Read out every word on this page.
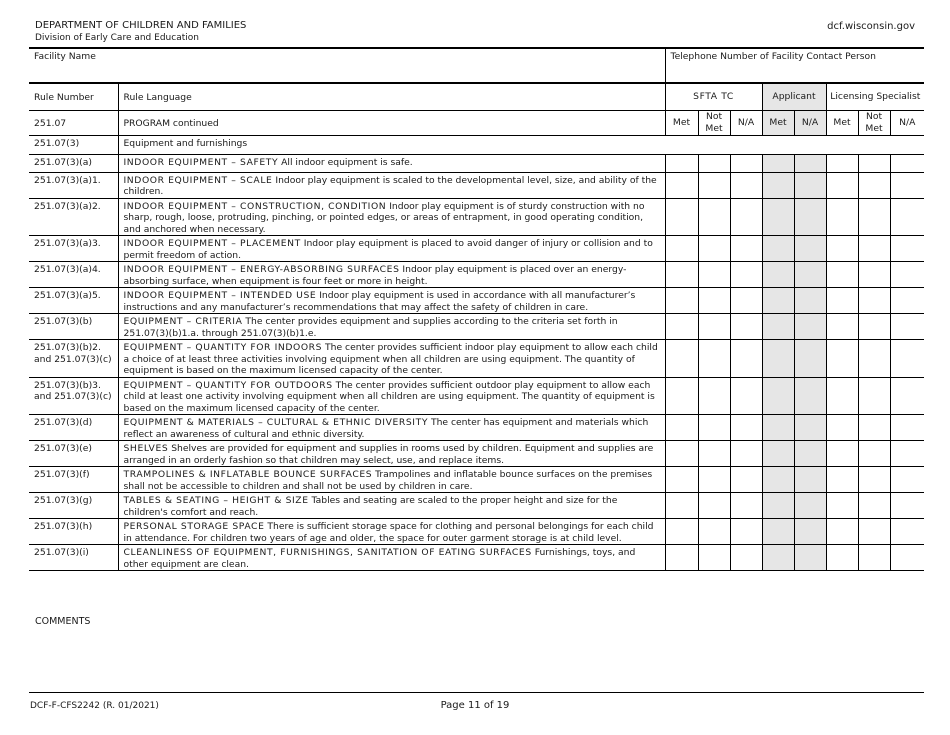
DEPARTMENT OF CHILDREN AND FAMILIES
Division of Early Care and Education
dcf.wisconsin.gov
Facility Name		Telephone Number of Facility Contact Person							
Rule Number	Rule Language	SFTA TC			Applicant		Licensing Specialist		
251.07	PROGRAM continued	Met	Not Met	N/A	Met	N/A	Met	Not Met	N/A
251.07(3)	Equipment and furnishings								
251.07(3)(a)	INDOOR EQUIPMENT – SAFETY All indoor equipment is safe.								
251.07(3)(a)1.	INDOOR EQUIPMENT – SCALE Indoor play equipment is scaled to the developmental level, size, and ability of the children.								
251.07(3)(a)2.	INDOOR EQUIPMENT – CONSTRUCTION, CONDITION Indoor play equipment is of sturdy construction with no sharp, rough, loose, protruding, pinching, or pointed edges, or areas of entrapment, in good operating condition, and anchored when necessary.								
251.07(3)(a)3.	INDOOR EQUIPMENT – PLACEMENT Indoor play equipment is placed to avoid danger of injury or collision and to permit freedom of action.								
251.07(3)(a)4.	INDOOR EQUIPMENT – ENERGY-ABSORBING SURFACES Indoor play equipment is placed over an energy-absorbing surface, when equipment is four feet or more in height.								
251.07(3)(a)5.	INDOOR EQUIPMENT – INTENDED USE Indoor play equipment is used in accordance with all manufacturer’s instructions and any manufacturer’s recommendations that may affect the safety of children in care.								
251.07(3)(b)	EQUIPMENT – CRITERIA The center provides equipment and supplies according to the criteria set forth in 251.07(3)(b)1.a. through 251.07(3)(b)1.e.								
251.07(3)(b)2. and 251.07(3)(c)	EQUIPMENT – QUANTITY FOR INDOORS The center provides sufficient indoor play equipment to allow each child a choice of at least three activities involving equipment when all children are using equipment. The quantity of equipment is based on the maximum licensed capacity of the center.								
251.07(3)(b)3. and 251.07(3)(c)	EQUIPMENT – QUANTITY FOR OUTDOORS The center provides sufficient outdoor play equipment to allow each child at least one activity involving equipment when all children are using equipment. The quantity of equipment is based on the maximum licensed capacity of the center.								
251.07(3)(d)	EQUIPMENT & MATERIALS – CULTURAL & ETHNIC DIVERSITY The center has equipment and materials which reflect an awareness of cultural and ethnic diversity.								
251.07(3)(e)	SHELVES Shelves are provided for equipment and supplies in rooms used by children. Equipment and supplies are arranged in an orderly fashion so that children may select, use, and replace items.								
251.07(3)(f)	TRAMPOLINES & INFLATABLE BOUNCE SURFACES Trampolines and inflatable bounce surfaces on the premises shall not be accessible to children and shall not be used by children in care.								
251.07(3)(g)	TABLES & SEATING – HEIGHT & SIZE Tables and seating are scaled to the proper height and size for the children's comfort and reach.								
251.07(3)(h)	PERSONAL STORAGE SPACE There is sufficient storage space for clothing and personal belongings for each child in attendance. For children two years of age and older, the space for outer garment storage is at child level.								
251.07(3)(i)	CLEANLINESS OF EQUIPMENT, FURNISHINGS, SANITATION OF EATING SURFACES Furnishings, toys, and other equipment are clean.								
COMMENTS
DCF-F-CFS2242 (R. 01/2021)	Page 11 of 19
